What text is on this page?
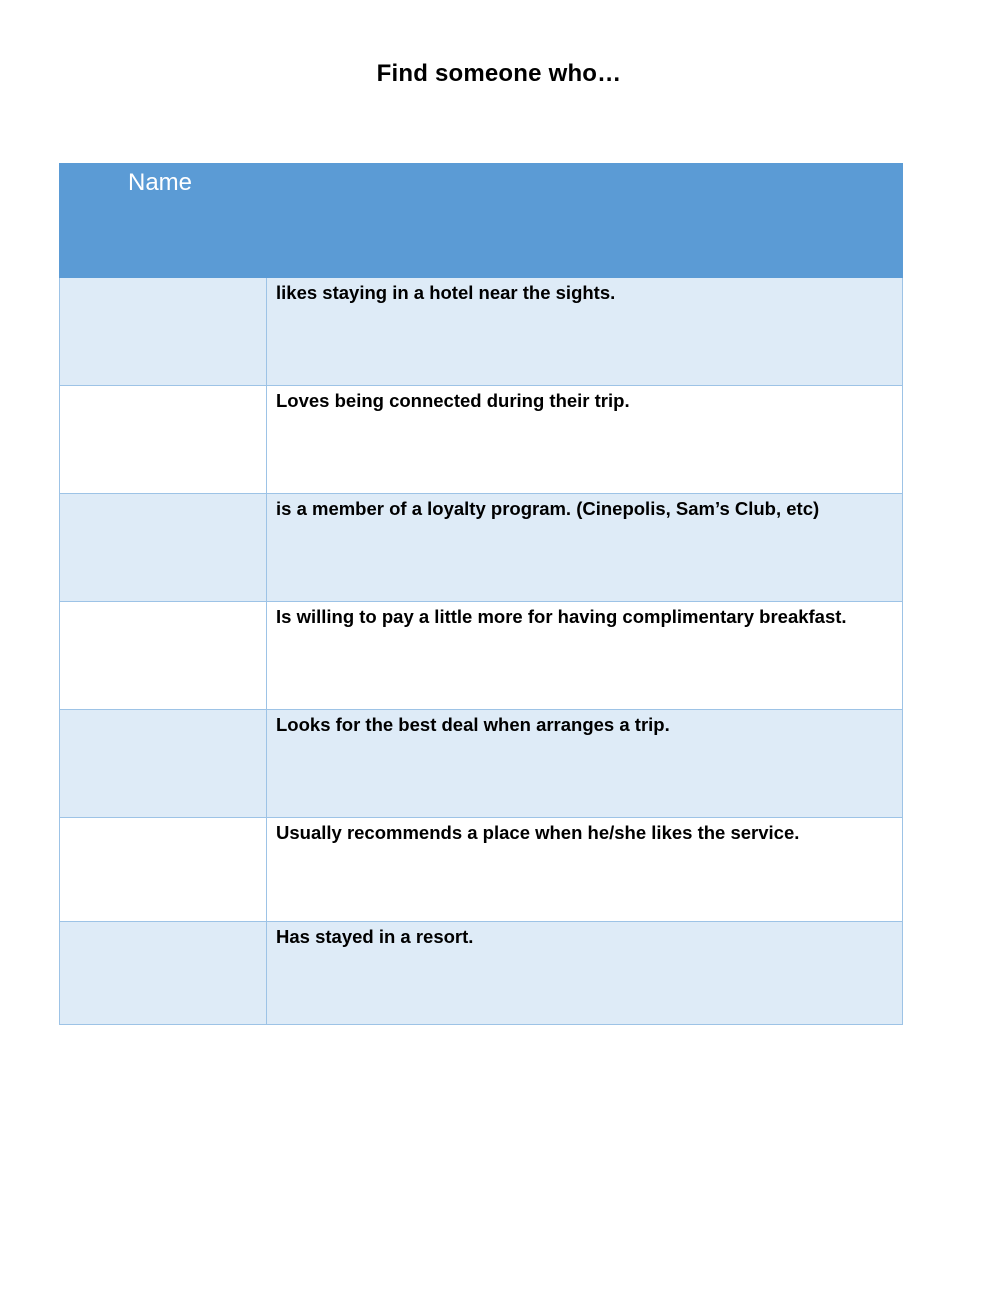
Find someone who…
Name	
	likes staying in a hotel near the sights.
	Loves being connected during their trip.
	is a member of a loyalty program. (Cinepolis, Sam’s Club, etc)
	Is willing to pay a little more for having complimentary breakfast.
	Looks for the best deal when arranges a trip.
	Usually recommends a place when he/she likes the service.
	Has stayed in a resort.
